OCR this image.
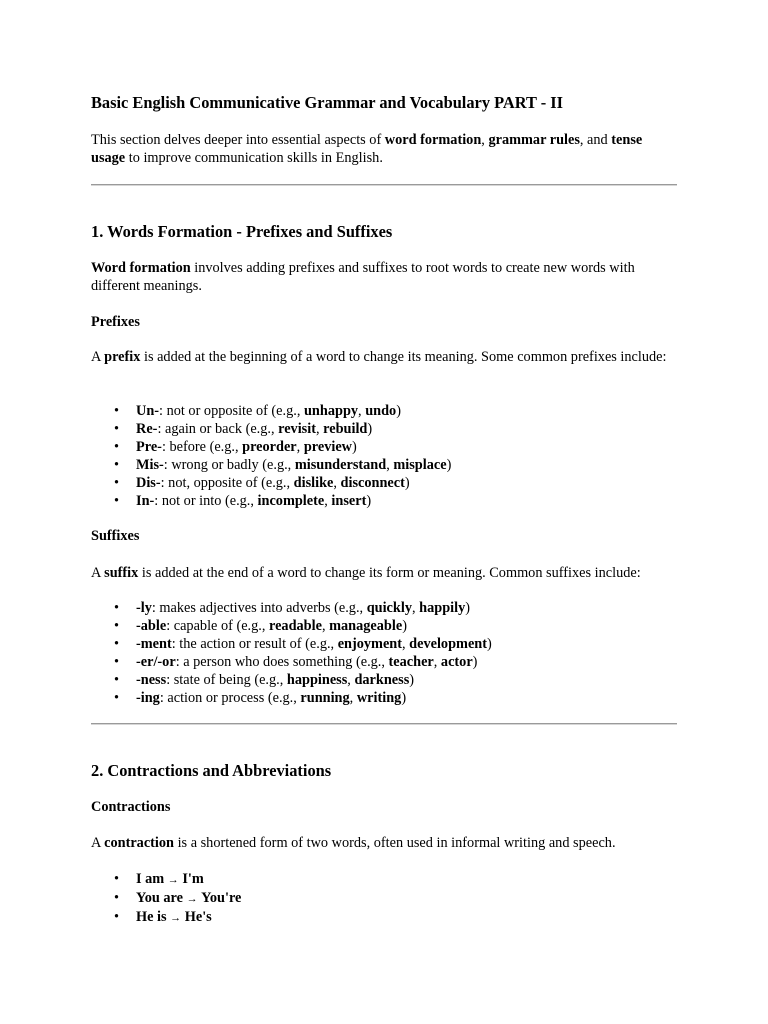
Basic English Communicative Grammar and Vocabulary PART - II

This section delves deeper into essential aspects of word formation, grammar rules, and tense usage to improve communication skills in English.

1. Words Formation - Prefixes and Suffixes

Word formation involves adding prefixes and suffixes to root words to create new words with different meanings.

Prefixes

A prefix is added at the beginning of a word to change its meaning. Some common prefixes include:

• Un-: not or opposite of (e.g., unhappy, undo)
• Re-: again or back (e.g., revisit, rebuild)
• Pre-: before (e.g., preorder, preview)
• Mis-: wrong or badly (e.g., misunderstand, misplace)
• Dis-: not, opposite of (e.g., dislike, disconnect)
• In-: not or into (e.g., incomplete, insert)
Suffixes

A suffix is added at the end of a word to change its form or meaning. Common suffixes include:

• -ly: makes adjectives into adverbs (e.g., quickly, happily)
• -able: capable of (e.g., readable, manageable)
• -ment: the action or result of (e.g., enjoyment, development)
• -er/-or: a person who does something (e.g., teacher, actor)
• -ness: state of being (e.g., happiness, darkness)
• -ing: action or process (e.g., running, writing)
2. Contractions and Abbreviations
Contractions

A contraction is a shortened form of two words, often used in informal writing and speech.

• I am → I'm
• You are → You're
• He is → He's
